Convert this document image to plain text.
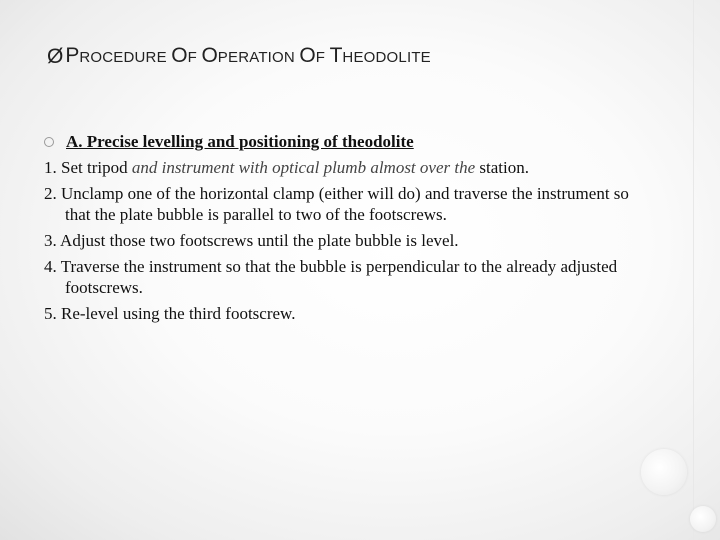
Ø P ROCEDURE
O F
O PERATION
O F
T HEODOLITE
A. Precise levelling and positioning of theodolite

1. Set tripod and instrument with optical plumb almost over the station.

2. Unclamp one of the horizontal clamp (either will do) and traverse the instrument so that the plate bubble is parallel to two of the footscrews.

3. Adjust those two footscrews until the plate bubble is level.

4. Traverse the instrument so that the bubble is perpendicular to the already adjusted footscrews.

5. Re-level using the third footscrew.
